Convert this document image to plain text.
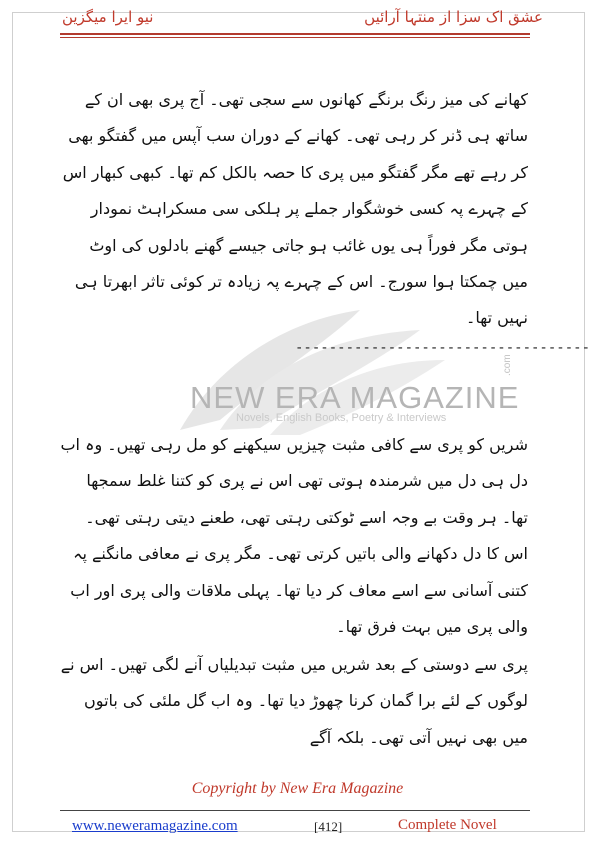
نیو ایرا میگزین	عشق اک سزا از منتہا آرائیں
NEW ERA MAGAZINE
Novels, English Books, Poetry & Interviews
.com
کھانے کی میز رنگ برنگے کھانوں سے سجی تھی۔ آج پری بھی ان کے ساتھ ہی ڈنر کر رہی تھی۔ کھانے کے دوران سب آپس میں گفتگو بھی کر رہے تھے مگر گفتگو میں پری کا حصہ بالکل کم تھا۔ کبھی کبھار اس کے چہرے پہ کسی خوشگوار جملے پر ہلکی سی مسکراہٹ نمودار ہوتی مگر فوراً ہی یوں غائب ہو جاتی جیسے گھنے بادلوں کی اوٹ میں چمکتا ہوا سورج۔ اس کے چہرے پہ زیادہ تر کوئی تاثر ابھرتا ہی نہیں تھا۔
-----------------------------------
شریں کو پری سے کافی مثبت چیزیں سیکھنے کو مل رہی تھیں۔ وہ اب دل ہی دل میں شرمندہ ہوتی تھی اس نے پری کو کتنا غلط سمجھا تھا۔ ہر وقت بے وجہ اسے ٹوکتی رہتی تھی، طعنے دیتی رہتی تھی۔ اس کا دل دکھانے والی باتیں کرتی تھی۔ مگر پری نے معافی مانگنے پہ کتنی آسانی سے اسے معاف کر دیا تھا۔ پہلی ملاقات والی پری اور اب والی پری میں بہت فرق تھا۔
پری سے دوستی کے بعد شریں میں مثبت تبدیلیاں آنے لگی تھیں۔ اس نے لوگوں کے لئے برا گمان کرنا چھوڑ دیا تھا۔ وہ اب گل ملئی کی باتوں میں بھی نہیں آتی تھی۔ بلکہ آگے
Copyright by New Era Magazine
www.neweramagazine.com	[412]	Complete Novel
